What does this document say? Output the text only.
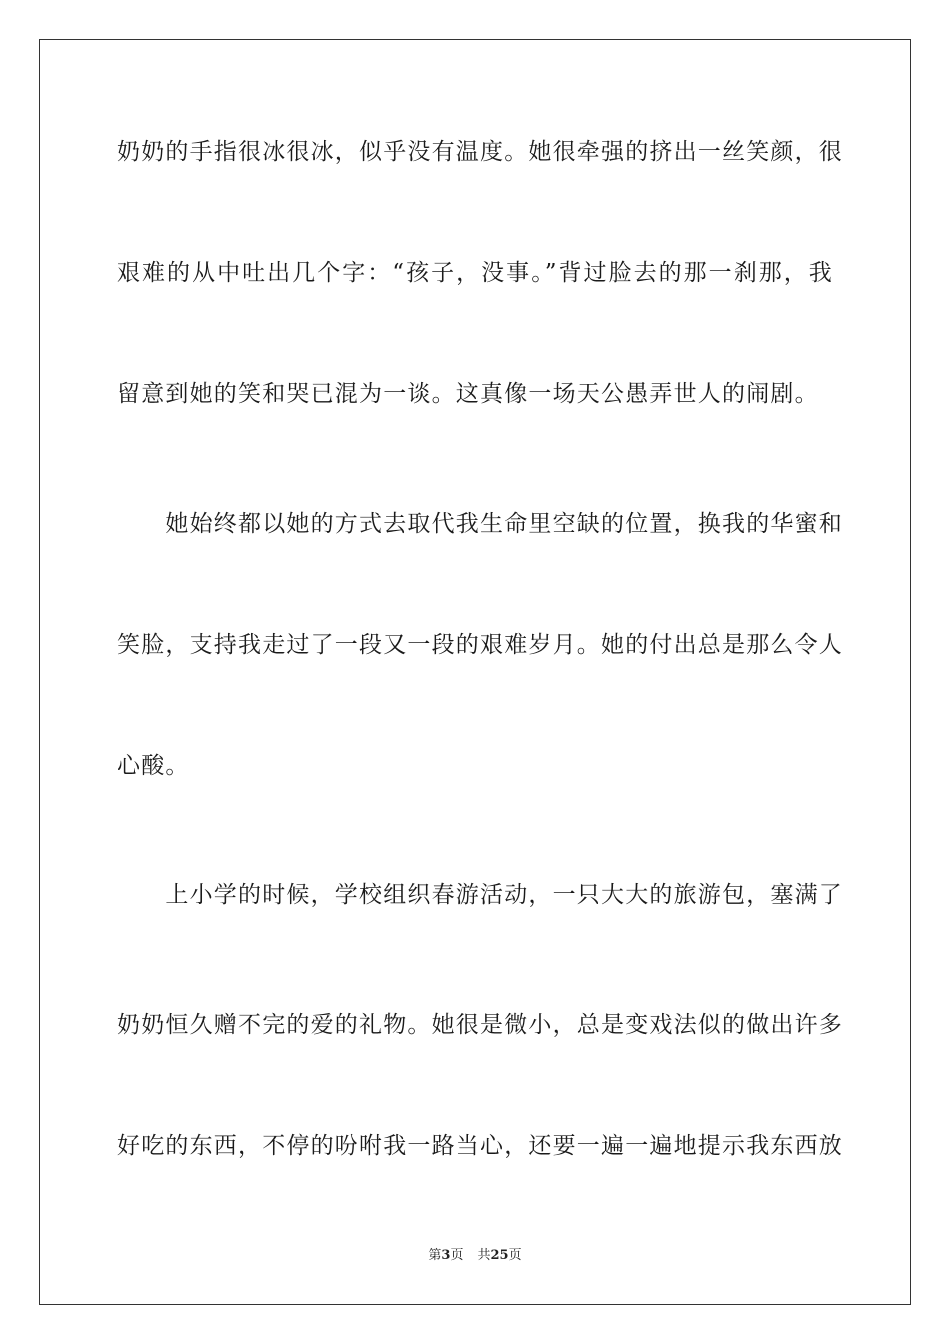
奶奶的手指很冰很冰，似乎没有温度。她很牵强的挤出一丝笑颜，很
艰难的从中吐出几个字：“孩子，没事。”背过脸去的那一刹那，我
留意到她的笑和哭已混为一谈。这真像一场天公愚弄世人的闹剧。
　　她始终都以她的方式去取代我生命里空缺的位置，换我的华蜜和
笑脸，支持我走过了一段又一段的艰难岁月。她的付出总是那么令人
心酸。
　　上小学的时候，学校组织春游活动，一只大大的旅游包，塞满了
奶奶恒久赠不完的爱的礼物。她很是微小，总是变戏法似的做出许多
好吃的东西，不停的吩咐我一路当心，还要一遍一遍地提示我东西放
第3页 共25页
